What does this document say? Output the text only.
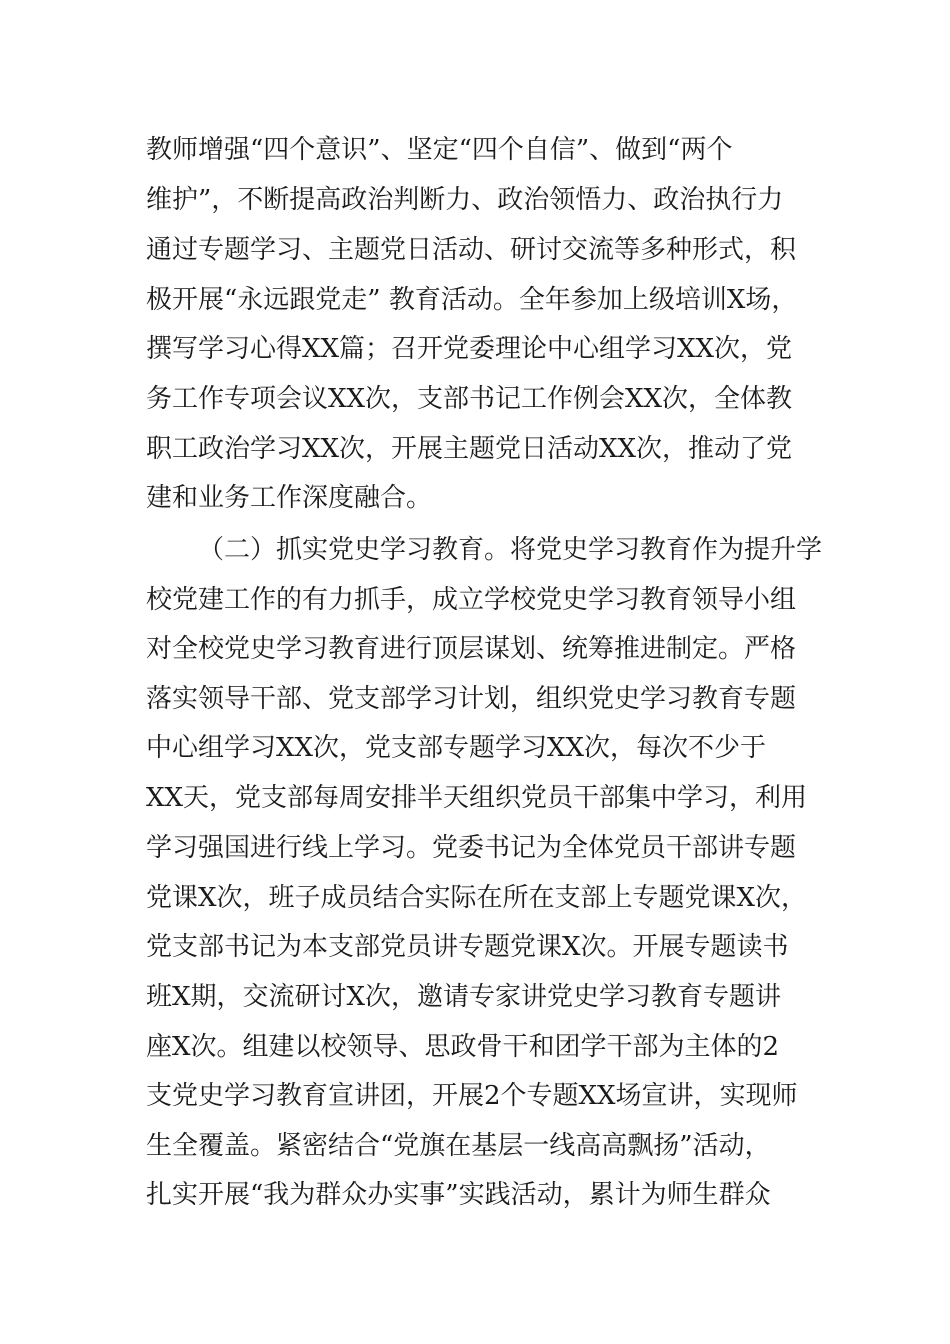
教师增强“四个意识”、坚定“四个自信”、做到“两个
维护”，不断提高政治判断力、政治领悟力、政治执行力
通过专题学习、主题党日活动、研讨交流等多种形式，积
极开展“永远跟党走” 教育活动。全年参加上级培训X场，
撰写学习心得XX篇；召开党委理论中心组学习XX次，党
务工作专项会议XX次，支部书记工作例会XX次，全体教
职工政治学习XX次，开展主题党日活动XX次，推动了党
建和业务工作深度融合。
（二）抓实党史学习教育。将党史学习教育作为提升学
校党建工作的有力抓手，成立学校党史学习教育领导小组
对全校党史学习教育进行顶层谋划、统筹推进制定。严格
落实领导干部、党支部学习计划，组织党史学习教育专题
中心组学习XX次，党支部专题学习XX次，每次不少于
XX天，党支部每周安排半天组织党员干部集中学习，利用
学习强国进行线上学习。党委书记为全体党员干部讲专题
党课X次，班子成员结合实际在所在支部上专题党课X次，
党支部书记为本支部党员讲专题党课X次。开展专题读书
班X期，交流研讨X次，邀请专家讲党史学习教育专题讲
座X次。组建以校领导、思政骨干和团学干部为主体的2
支党史学习教育宣讲团，开展2个专题XX场宣讲，实现师
生全覆盖。紧密结合“党旗在基层一线高高飘扬”活动，
扎实开展“我为群众办实事”实践活动，累计为师生群众
